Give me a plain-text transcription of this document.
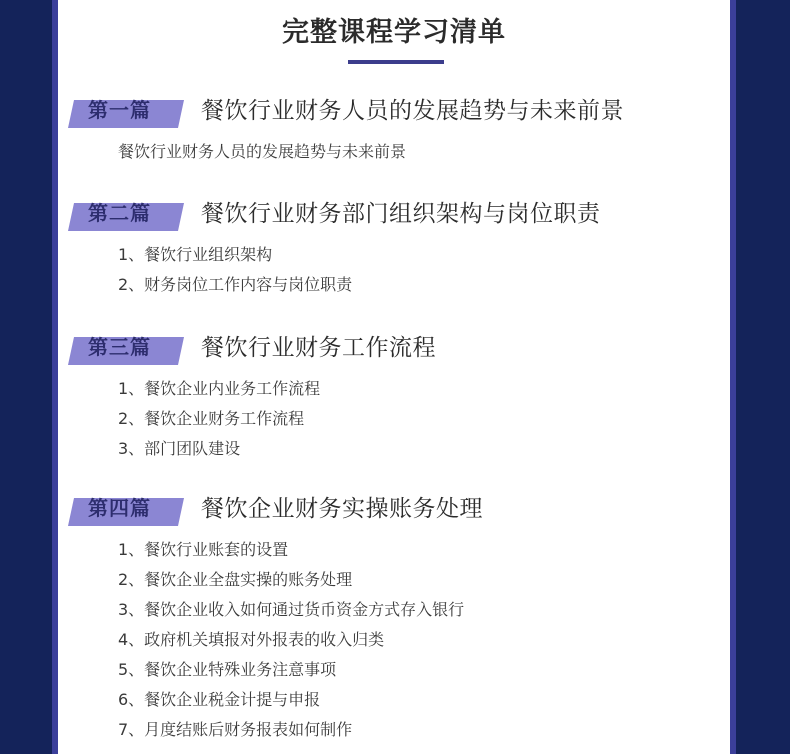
完整课程学习清单
第一篇 餐饮行业财务人员的发展趋势与未来前景
餐饮行业财务人员的发展趋势与未来前景
第二篇 餐饮行业财务部门组织架构与岗位职责
1、餐饮行业组织架构
2、财务岗位工作内容与岗位职责
第三篇 餐饮行业财务工作流程
1、餐饮企业内业务工作流程
2、餐饮企业财务工作流程
3、部门团队建设
第四篇 餐饮企业财务实操账务处理
1、餐饮行业账套的设置
2、餐饮企业全盘实操的账务处理
3、餐饮企业收入如何通过货币资金方式存入银行
4、政府机关填报对外报表的收入归类
5、餐饮企业特殊业务注意事项
6、餐饮企业税金计提与申报
7、月度结账后财务报表如何制作
